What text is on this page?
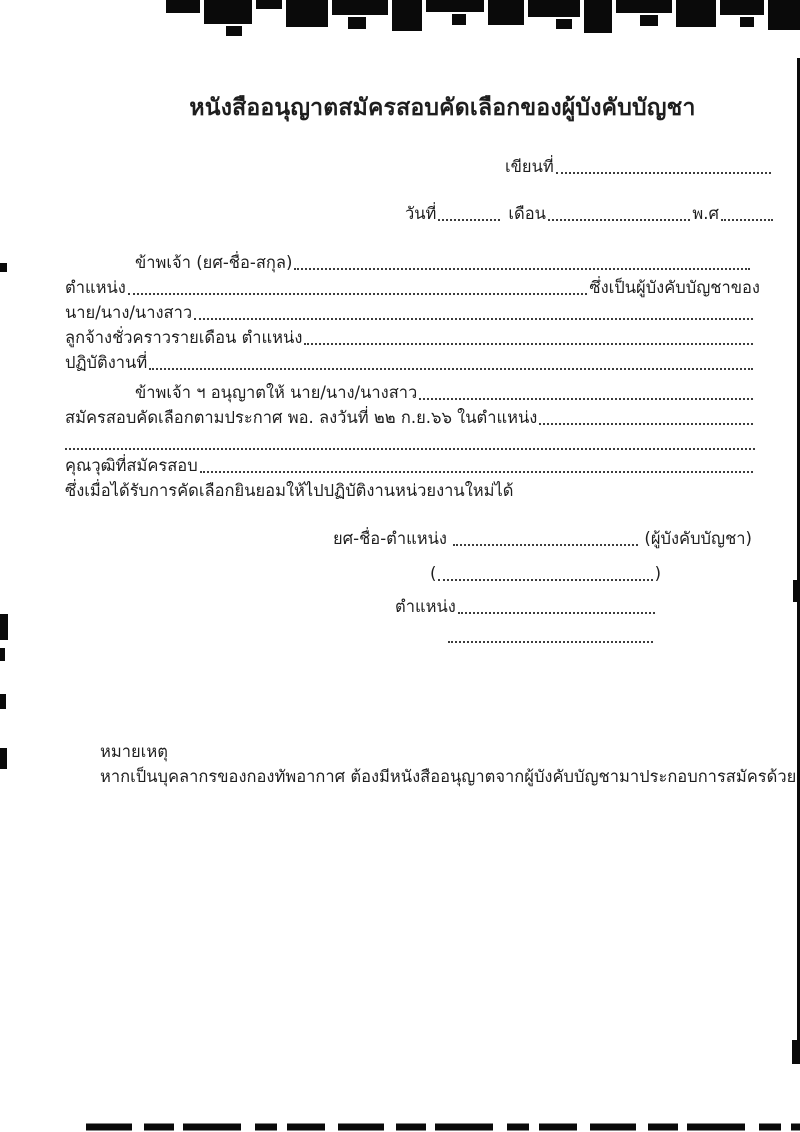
หนังสืออนุญาตสมัครสอบคัดเลือกของผู้บังคับบัญชา
เขียนที่
วันที่	เดือน	พ.ศ
ข้าพเจ้า (ยศ-ชื่อ-สกุล)
ตำแหน่ง	ซึ่งเป็นผู้บังคับบัญชาของ
นาย/นาง/นางสาว
ลูกจ้างชั่วคราวรายเดือน ตำแหน่ง
ปฏิบัติงานที่
ข้าพเจ้า ฯ อนุญาตให้ นาย/นาง/นางสาว
สมัครสอบคัดเลือกตามประกาศ พอ. ลงวันที่ ๒๒ ก.ย.๖๖ ในตำแหน่ง
คุณวุฒิที่สมัครสอบ
ซึ่งเมื่อได้รับการคัดเลือกยินยอมให้ไปปฏิบัติงานหน่วยงานใหม่ได้
ยศ-ชื่อ-ตำแหน่ง	(ผู้บังคับบัญชา)
(	)
ตำแหน่ง
หมายเหตุ
หากเป็นบุคลากรของกองทัพอากาศ ต้องมีหนังสืออนุญาตจากผู้บังคับบัญชามาประกอบการสมัครด้วย
